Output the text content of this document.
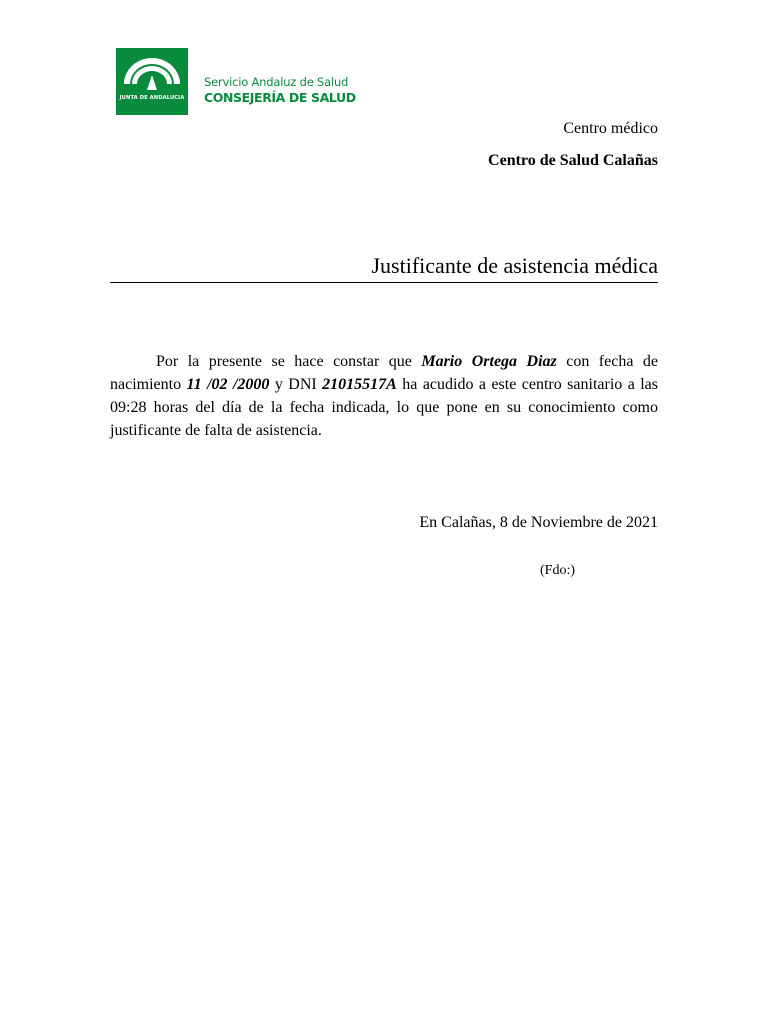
JUNTA DE ANDALUCIA
Servicio Andaluz de Salud
CONSEJERÍA DE SALUD
Centro médico
Centro de Salud Calañas
Justificante de asistencia médica

Por la presente se hace constar que Mario Ortega Diaz con fecha de nacimiento 11 /02 /2000 y DNI 21015517A ha acudido a este centro sanitario a las 09:28 horas del día de la fecha indicada, lo que pone en su conocimiento como justificante de falta de asistencia.

En Calañas, 8 de Noviembre de 2021
(Fdo:)
